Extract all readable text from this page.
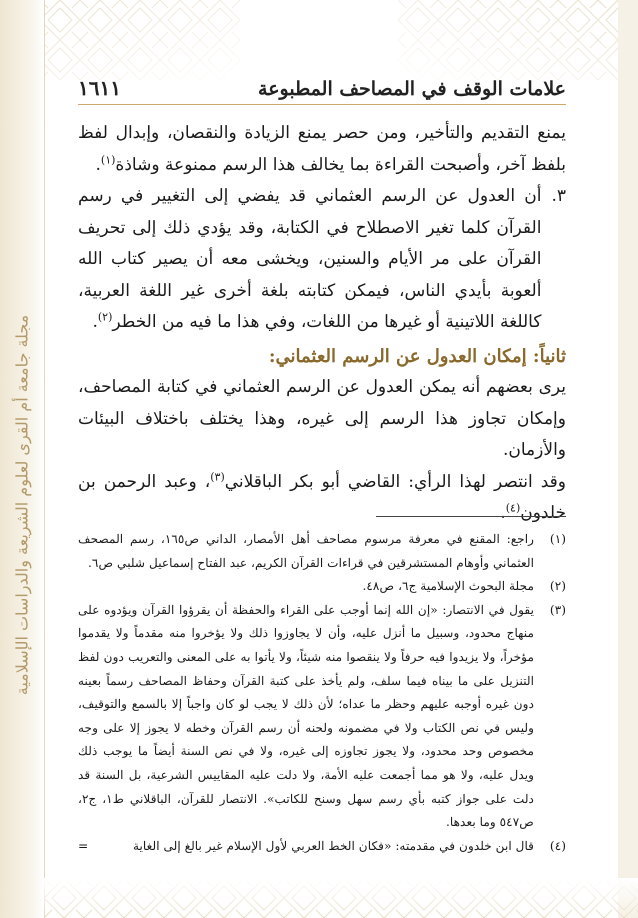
مجلة جامعة أم القرى لعلوم الشريعة والدراسات الإسلامية
علامات الوقف في المصاحف المطبوعة
١٦١١

يمنع التقديم والتأخير، ومن حصر يمنع الزيادة والنقصان، وإبدال لفظ بلفظ آخر، وأصبحت القراءة بما يخالف هذا الرسم ممنوعة وشاذة$^{(١)}$.

٣.

أن العدول عن الرسم العثماني قد يفضي إلى التغيير في رسم القرآن كلما تغير الاصطلاح في الكتابة، وقد يؤدي ذلك إلى تحريف القرآن على مر الأيام والسنين، ويخشى معه أن يصير كتاب الله ألعوبة بأيدي الناس، فيمكن كتابته بلغة أخرى غير اللغة العربية، كاللغة اللاتينية أو غيرها من اللغات، وفي هذا ما فيه من الخطر$^{(٢)}$.

ثانياً: إمكان العدول عن الرسم العثماني:

يرى بعضهم أنه يمكن العدول عن الرسم العثماني في كتابة المصاحف، وإمكان تجاوز هذا الرسم إلى غيره، وهذا يختلف باختلاف البيئات والأزمان.

وقد انتصر لهذا الرأي: القاضي أبو بكر الباقلاني$^{(٣)}$، وعبد الرحمن بن خلدون$^{(٤)}$.

(١)
راجع: المقنع في معرفة مرسوم مصاحف أهل الأمصار، الداني ص١٦٥، رسم المصحف العثماني وأوهام المستشرقين في قراءات القرآن الكريم، عبد الفتاح إسماعيل شلبي ص٦.
(٢)
مجلة البحوث الإسلامية ج٦، ص٤٨.
(٣)
يقول في الانتصار: «إن الله إنما أوجب على القراء والحفظة أن يقرؤوا القرآن ويؤدوه على منهاج محدود، وسبيل ما أنزل عليه، وأن لا يجاوزوا ذلك ولا يؤخروا منه مقدماً ولا يقدموا مؤخراً، ولا يزيدوا فيه حرفاً ولا ينقصوا منه شيئاً، ولا يأتوا به على المعنى والتعريب دون لفظ التنزيل على ما بيناه فيما سلف، ولم يأخذ على كتبة القرآن وحفاظ المصاحف رسماً بعينه دون غيره أوجبه عليهم وحظر ما عداه؛ لأن ذلك لا يجب لو كان واجباً إلا بالسمع والتوقيف، وليس في نص الكتاب ولا في مضمونه ولحنه أن رسم القرآن وخطه لا يجوز إلا على وجه مخصوص وحد محدود، ولا يجوز تجاوزه إلى غيره، ولا في نص السنة أيضاً ما يوجب ذلك ويدل عليه، ولا هو مما أجمعت عليه الأمة، ولا دلت عليه المقاييس الشرعية، بل السنة قد دلت على جواز كتبه بأي رسم سهل وسنح للكاتب». الانتصار للقرآن، الباقلاني ط١، ج٢، ص٥٤٧ وما بعدها.
(٤)
قال ابن خلدون في مقدمته: «فكان الخط العربي لأول الإسلام غير بالغ إلى الغاية
=
